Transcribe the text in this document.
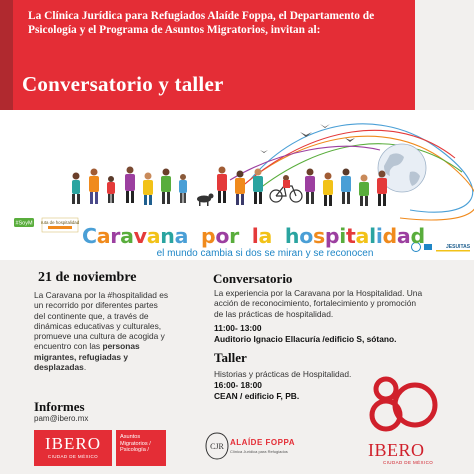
La Clínica Jurídica para Refugiados Alaíde Foppa, el Departamento de Psicología y el Programa de Asuntos Migratorios, invitan al:
Conversatorio y taller
ruta de hospitalidad
#SoyM
JESUITAS
Caravana por la hospitalidad
el mundo cambia si dos se miran y se reconocen
21 de noviembre
La Caravana por la #hospitalidad es
un recorrido por diferentes partes
del continente que, a través de
dinámicas educativas y culturales,
promueve una cultura de acogida y
encuentro con las personas
migrantes, refugiadas y
desplazadas.
Conversatorio
La experiencia por la Caravana por la Hospitalidad. Una acción de reconocimiento, fortalecimiento y promoción de las prácticas de hospitalidad.
11:00- 13:00
Auditorio Ignacio Ellacuría /edificio S, sótano.
Taller
Historias y prácticas de Hospitalidad.
16:00- 18:00
CEAN / edificio F, PB.
Informes
pam@ibero.mx
IBERO
CIUDAD DE MÉXICO
Asuntos Migratorios / Psicología /	CJR ALAÍDE FOPPA
Clínica Jurídica para Refugiados	IBERO
CIUDAD DE MÉXICO
